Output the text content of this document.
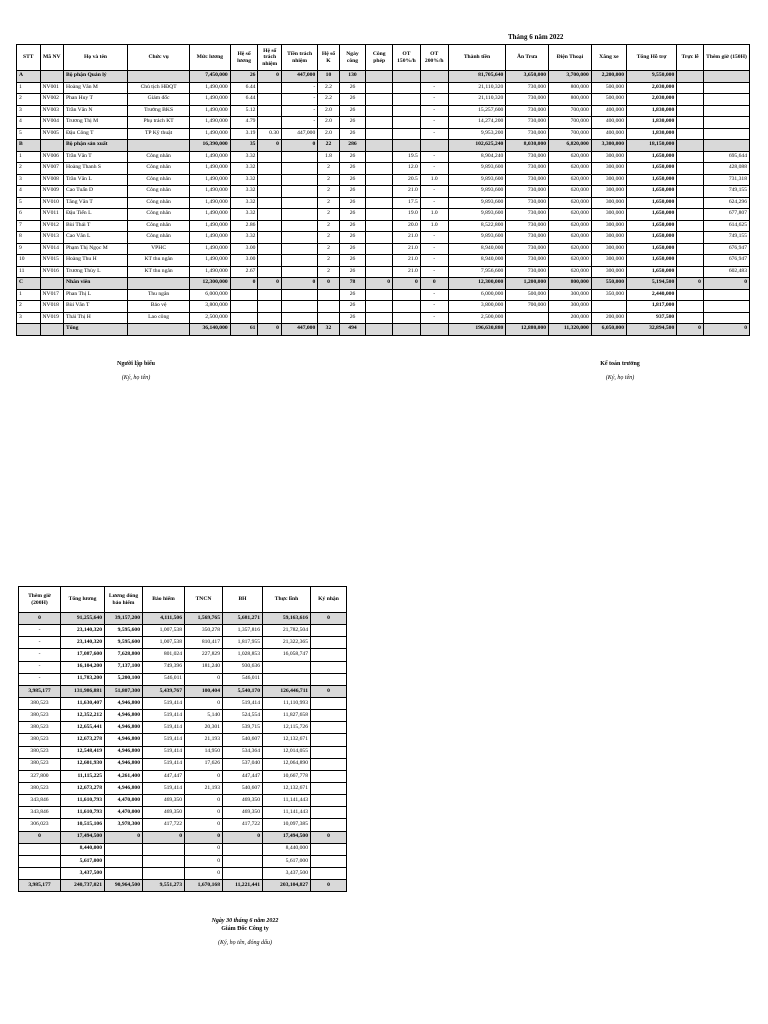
Tháng 6 năm 2022
STT	Mã NV	Họ và tên	Chức vụ	Mức lương	Hệ số lương	Hệ số trách nhiệm	Tiền trách nhiệm	Hệ số K	Ngày công	Công phép	OT 150%/h	OT 200%/h	Thành tiền	Ăn Trưa	Điện Thoại	Xăng xe	Tổng Hỗ trợ	Trực lễ	Thêm giờ (150H)
A		Bộ phận Quản lý		7,450,000	26	0	447,000	10	130				81,705,640	3,650,000	3,700,000	2,200,000	9,550,000		
1	NV001	Hoàng Văn M	Chủ tịch HĐQT	1,490,000	6.44		-	2.2	26			-	21,110,320	730,000	800,000	500,000	2,030,000		
2	NV002	Phan Huy T	Giám đốc	1,490,000	6.44		-	2.2	26			-	21,110,320	730,000	800,000	500,000	2,030,000		
3	NV003	Trần Văn N	Trưởng BKS	1,490,000	5.12		-	2.0	26			-	15,257,600	730,000	700,000	400,000	1,830,000		
4	NV004	Trương Thị M	Phụ trách KT	1,490,000	4.79		-	2.0	26			-	14,274,200	730,000	700,000	400,000	1,830,000		
5	NV005	Đậu Công T	TP Kỹ thuật	1,490,000	3.19	0.30	447,000	2.0	26			-	9,953,200	730,000	700,000	400,000	1,830,000		
B		Bộ phận sản xuất		16,390,000	35	0	0	22	286				102,625,240	8,030,000	6,820,000	3,300,000	18,150,000		
1	NV006	Trần Văn T	Công nhân	1,490,000	3.32			1.8	26		19.5	-	8,904,240	730,000	620,000	300,000	1,650,000		695,644
2	NV007	Hoàng Thanh S	Công nhân	1,490,000	3.32			2	26		12.0	-	9,893,600	730,000	620,000	300,000	1,650,000		428,088
3	NV008	Trần Văn L	Công nhân	1,490,000	3.32			2	26		20.5	1.0	9,893,600	730,000	620,000	300,000	1,650,000		731,318
4	NV009	Cao Tuấn D	Công nhân	1,490,000	3.32			2	26		21.0	-	9,893,600	730,000	620,000	300,000	1,650,000		749,155
5	NV010	Tăng Văn T	Công nhân	1,490,000	3.32			2	26		17.5	-	9,893,600	730,000	620,000	300,000	1,650,000		624,296
6	NV011	Đậu Tiến L	Công nhân	1,490,000	3.32			2	26		19.0	1.0	9,893,600	730,000	620,000	300,000	1,650,000		677,807
7	NV012	Bùi Thái T	Công nhân	1,490,000	2.86			2	26		20.0	1.0	8,522,800	730,000	620,000	300,000	1,650,000		614,625
8	NV013	Cao Văn L	Công nhân	1,490,000	3.32			2	26		21.0	-	9,893,600	730,000	620,000	300,000	1,650,000		749,155
9	NV014	Phạm Thị Ngọc M	VPHC	1,490,000	3.00			2	26		21.0	-	8,940,000	730,000	620,000	300,000	1,650,000		676,947
10	NV015	Hoàng Thu H	KT thu ngân	1,490,000	3.00			2	26		21.0	-	8,940,000	730,000	620,000	300,000	1,650,000		676,947
11	NV016	Trương Thùy L	KT thu ngân	1,490,000	2.67			2	26		21.0	-	7,956,600	730,000	620,000	300,000	1,650,000		602,483
C		Nhân viên		12,300,000	0	0	0	0	78	0	0	0	12,300,000	1,200,000	800,000	550,000	5,194,500	0	0
1	NV017	Phan Thị L	Thu ngân	6,000,000					26			-	6,000,000	500,000	300,000	350,000	2,440,000		
2	NV018	Bùi Văn T	Bảo vệ	3,800,000					26			-	3,800,000	700,000	300,000		1,817,000		
3	NV019	Thái Thị H	Lao công	2,500,000					26			-	2,500,000		200,000	200,000	937,500		
		Tổng		36,140,000	61	0	447,000	32	494				196,630,880	12,880,000	11,320,000	6,050,000	32,894,500	0	0
Người lập biểu
(Ký, họ tên)
Kế toán trưởng
(Ký, họ tên)
Thêm giờ (200H)	Tổng lương	Lương đóng bảo hiểm	Bảo hiểm	TNCN	BH	Thực lĩnh	Ký nhận
0	91,255,640	39,157,200	4,111,506	1,569,765	5,681,271	59,163,616	0
-	23,140,320	9,595,600	1,007,538	350,278	1,357,816	21,782,504	
-	23,140,320	9,595,600	1,007,538	810,417	1,817,955	21,322,365	
-	17,087,600	7,628,800	801,024	227,829	1,028,853	16,058,747	
-	16,104,200	7,137,100	749,396	181,240	930,636		
-	11,783,200	5,200,100	546,011	0	546,011		
3,985,177	131,986,881	51,807,300	5,439,767	100,404	5,540,170	126,446,711	0
380,523	11,630,407	4,946,800	519,414	0	519,414	11,110,993	
380,523	12,352,212	4,946,800	519,414	5,140	524,554	11,827,658	
380,523	12,655,441	4,946,800	519,414	20,301	539,715	12,115,726	
380,523	12,673,278	4,946,800	519,414	21,193	540,607	12,132,671	
380,523	12,548,419	4,946,800	519,414	14,950	534,364	12,014,055	
380,523	12,601,930	4,946,800	519,414	17,626	537,040	12,064,890	
327,800	11,115,225	4,261,400	447,447	0	447,447	10,667,778	
380,523	12,673,278	4,946,800	519,414	21,193	540,607	12,132,671	
343,846	11,610,793	4,470,000	469,350	0	469,350	11,141,443	
343,846	11,610,793	4,470,000	469,350	0	469,350	11,141,443	
306,023	10,515,106	3,978,300	417,722	0	417,722	10,097,385	
0	17,494,500	0	0	0	0	17,494,500	0
	8,440,000			0		8,440,000	
	5,617,000			0		5,617,000	
	3,437,500			0		3,437,500	
3,985,177	240,737,021	90,964,500	9,551,273	1,670,168	11,221,441	203,104,827	0
Ngày 30 tháng 6 năm 2022
Giám Đốc Công ty
(Ký, họ tên, đóng dấu)
